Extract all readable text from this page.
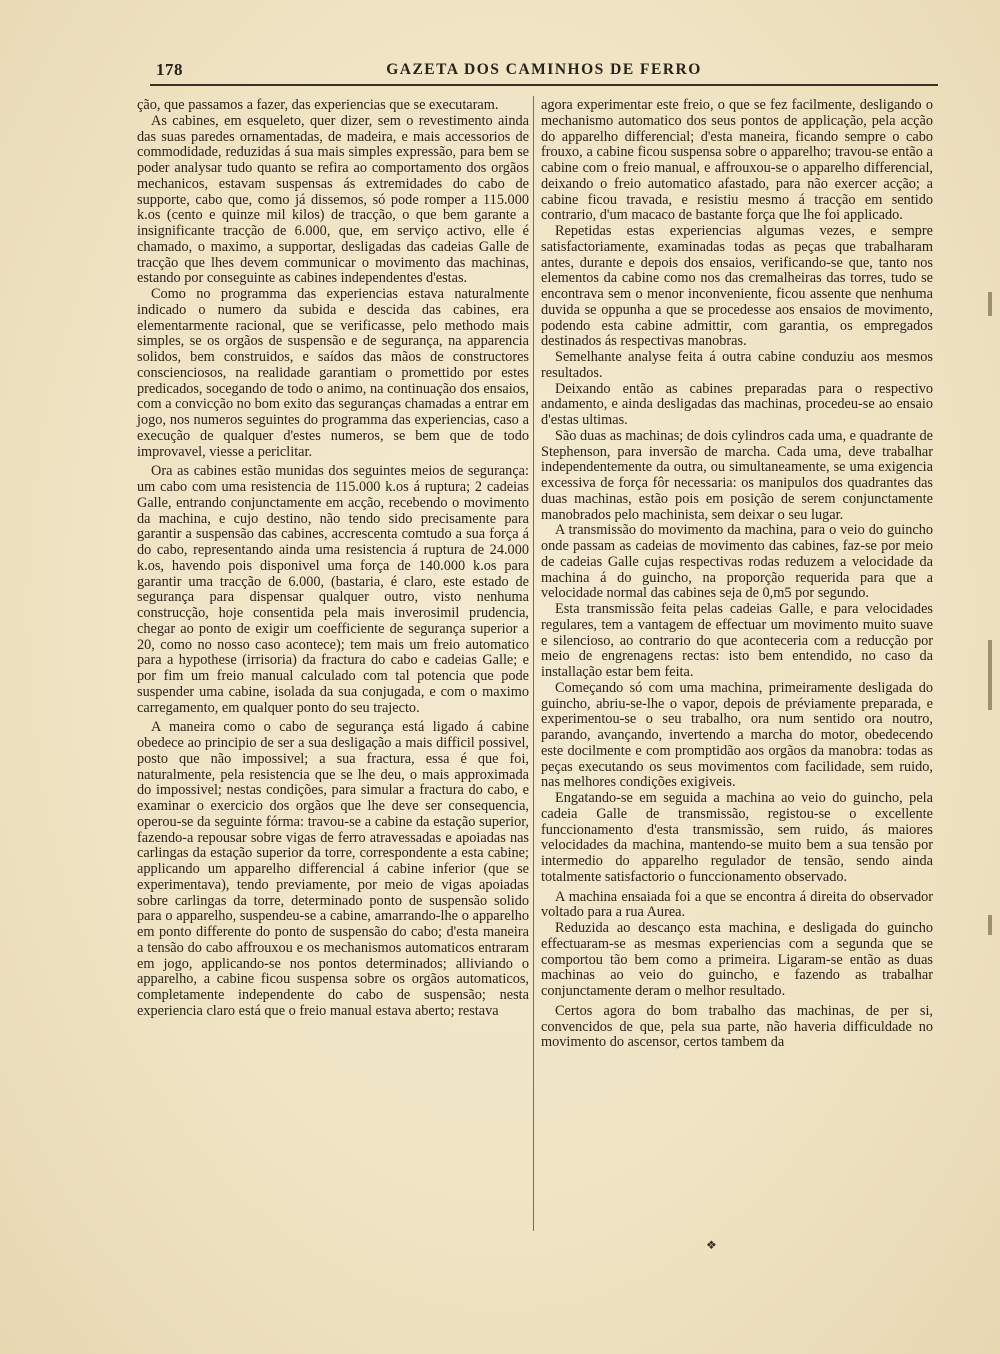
178	GAZETA DOS CAMINHOS DE FERRO

ção, que passamos a fazer, das experiencias que se executaram.

As cabines, em esqueleto, quer dizer, sem o revestimento ainda das suas paredes ornamentadas, de madeira, e mais accessorios de commodidade, reduzidas á sua mais simples expressão, para bem se poder analysar tudo quanto se refira ao comportamento dos orgãos mechanicos, estavam suspensas ás extremidades do cabo de supporte, cabo que, como já dissemos, só pode romper a 115.000 k.os (cento e quinze mil kilos) de tracção, o que bem garante a insignificante tracção de 6.000, que, em serviço activo, elle é chamado, o maximo, a supportar, desligadas das cadeias Galle de tracção que lhes devem communicar o movimento das machinas, estando por conseguinte as cabines independentes d'estas.

Como no programma das experiencias estava naturalmente indicado o numero da subida e descida das cabines, era elementarmente racional, que se verificasse, pelo methodo mais simples, se os orgãos de suspensão e de segurança, na apparencia solidos, bem construidos, e saídos das mãos de constructores conscienciosos, na realidade garantiam o promettido por estes predicados, socegando de todo o animo, na continuação dos ensaios, com a convicção no bom exito das seguranças chamadas a entrar em jogo, nos numeros seguintes do programma das experiencias, caso a execução de qualquer d'estes numeros, se bem que de todo improvavel, viesse a periclitar.

Ora as cabines estão munidas dos seguintes meios de segurança: um cabo com uma resistencia de 115.000 k.os á ruptura; 2 cadeias Galle, entrando conjunctamente em acção, recebendo o movimento da machina, e cujo destino, não tendo sido precisamente para garantir a suspensão das cabines, accrescenta comtudo a sua força á do cabo, representando ainda uma resistencia á ruptura de 24.000 k.os, havendo pois disponivel uma força de 140.000 k.os para garantir uma tracção de 6.000, (bastaria, é claro, este estado de segurança para dispensar qualquer outro, visto nenhuma construcção, hoje consentida pela mais inverosimil prudencia, chegar ao ponto de exigir um coefficiente de segurança superior a 20, como no nosso caso acontece); tem mais um freio automatico para a hypothese (irrisoria) da fractura do cabo e cadeias Galle; e por fim um freio manual calculado com tal potencia que pode suspender uma cabine, isolada da sua conjugada, e com o maximo carregamento, em qualquer ponto do seu trajecto.

A maneira como o cabo de segurança está ligado á cabine obedece ao principio de ser a sua desligação a mais difficil possivel, posto que não impossivel; a sua fractura, essa é que foi, naturalmente, pela resistencia que se lhe deu, o mais approximada do impossivel; nestas condições, para simular a fractura do cabo, e examinar o exercicio dos orgãos que lhe deve ser consequencia, operou-se da seguinte fórma: travou-se a cabine da estação superior, fazendo-a repousar sobre vigas de ferro atravessadas e apoiadas nas carlingas da estação superior da torre, correspondente a esta cabine; applicando um apparelho differencial á cabine inferior (que se experimentava), tendo previamente, por meio de vigas apoiadas sobre carlingas da torre, determinado ponto de suspensão solido para o apparelho, suspendeu-se a cabine, amarrando-lhe o apparelho em ponto differente do ponto de suspensão do cabo; d'esta maneira a tensão do cabo affrouxou e os mechanismos automaticos entraram em jogo, applicando-se nos pontos determinados; alliviando o apparelho, a cabine ficou suspensa sobre os orgãos automaticos, completamente independente do cabo de suspensão; nesta experiencia claro está que o freio manual estava aberto; restava

agora experimentar este freio, o que se fez facilmente, desligando o mechanismo automatico dos seus pontos de applicação, pela acção do apparelho differencial; d'esta maneira, ficando sempre o cabo frouxo, a cabine ficou suspensa sobre o apparelho; travou-se então a cabine com o freio manual, e affrouxou-se o apparelho differencial, deixando o freio automatico afastado, para não exercer acção; a cabine ficou travada, e resistiu mesmo á tracção em sentido contrario, d'um macaco de bastante força que lhe foi applicado.

Repetidas estas experiencias algumas vezes, e sempre satisfactoriamente, examinadas todas as peças que trabalharam antes, durante e depois dos ensaios, verificando-se que, tanto nos elementos da cabine como nos das cremalheiras das torres, tudo se encontrava sem o menor inconveniente, ficou assente que nenhuma duvida se oppunha a que se procedesse aos ensaios de movimento, podendo esta cabine admittir, com garantia, os empregados destinados ás respectivas manobras.

Semelhante analyse feita á outra cabine conduziu aos mesmos resultados.

Deixando então as cabines preparadas para o respectivo andamento, e ainda desligadas das machinas, procedeu-se ao ensaio d'estas ultimas.

São duas as machinas; de dois cylindros cada uma, e quadrante de Stephenson, para inversão de marcha. Cada uma, deve trabalhar independentemente da outra, ou simultaneamente, se uma exigencia excessiva de força fôr necessaria: os manipulos dos quadrantes das duas machinas, estão pois em posição de serem conjunctamente manobrados pelo machinista, sem deixar o seu lugar.

A transmissão do movimento da machina, para o veio do guincho onde passam as cadeias de movimento das cabines, faz-se por meio de cadeias Galle cujas respectivas rodas reduzem a velocidade da machina á do guincho, na proporção requerida para que a velocidade normal das cabines seja de 0,m5 por segundo.

Esta transmissão feita pelas cadeias Galle, e para velocidades regulares, tem a vantagem de effectuar um movimento muito suave e silencioso, ao contrario do que aconteceria com a reducção por meio de engrenagens rectas: isto bem entendido, no caso da installação estar bem feita.

Começando só com uma machina, primeiramente desligada do guincho, abriu-se-lhe o vapor, depois de préviamente preparada, e experimentou-se o seu trabalho, ora num sentido ora noutro, parando, avançando, invertendo a marcha do motor, obedecendo este docilmente e com promptidão aos orgãos da manobra: todas as peças executando os seus movimentos com facilidade, sem ruido, nas melhores condições exigiveis.

Engatando-se em seguida a machina ao veio do guincho, pela cadeia Galle de transmissão, registou-se o excellente funccionamento d'esta transmissão, sem ruido, ás maiores velocidades da machina, mantendo-se muito bem a sua tensão por intermedio do apparelho regulador de tensão, sendo ainda totalmente satisfactorio o funccionamento observado.

A machina ensaiada foi a que se encontra á direita do observador voltado para a rua Aurea.

Reduzida ao descanço esta machina, e desligada do guincho effectuaram-se as mesmas experiencias com a segunda que se comportou tão bem como a primeira. Ligaram-se então as duas machinas ao veio do guincho, e fazendo as trabalhar conjunctamente deram o melhor resultado.

Certos agora do bom trabalho das machinas, de per si, convencidos de que, pela sua parte, não haveria difficuldade no movimento do ascensor, certos tambem da

❖
